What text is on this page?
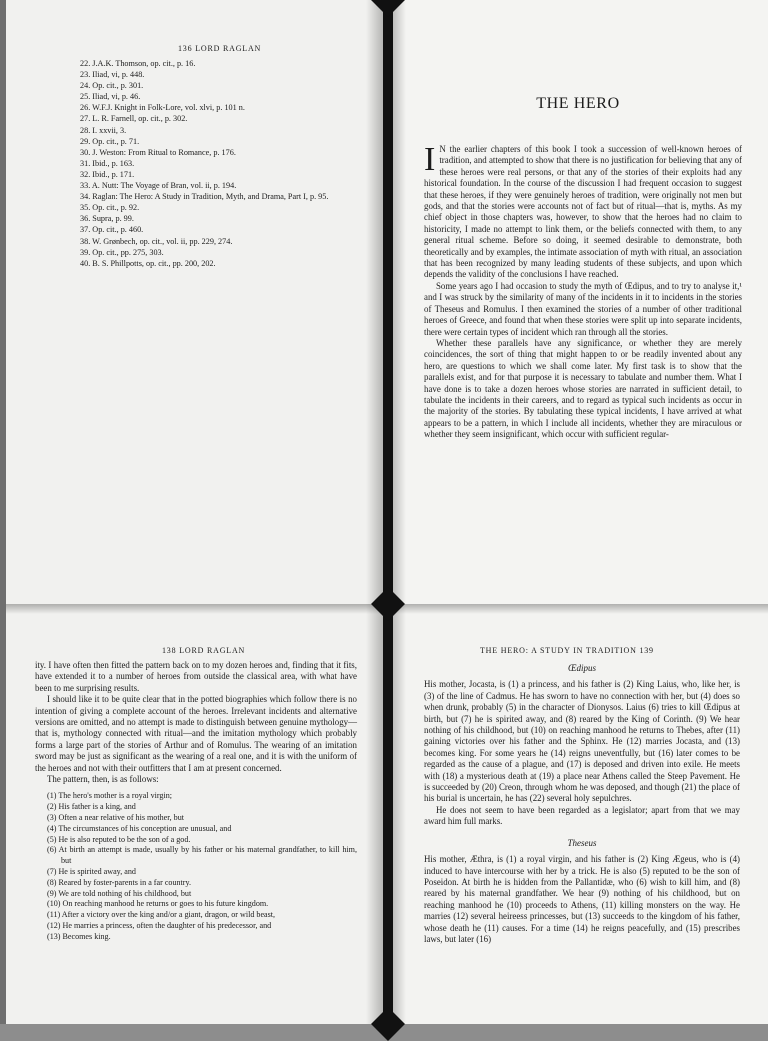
136 LORD RAGLAN
22. J.A.K. Thomson, op. cit., p. 16.
23. Iliad, vi, p. 448.
24. Op. cit., p. 301.
25. Iliad, vi, p. 46.
26. W.F.J. Knight in Folk-Lore, vol. xlvi, p. 101 n.
27. L. R. Farnell, op. cit., p. 302.
28. I. xxvii, 3.
29. Op. cit., p. 71.
30. J. Weston: From Ritual to Romance, p. 176.
31. Ibid., p. 163.
32. Ibid., p. 171.
33. A. Nutt: The Voyage of Bran, vol. ii, p. 194.
34. Raglan: The Hero: A Study in Tradition, Myth, and Drama, Part I, p. 95.
35. Op. cit., p. 92.
36. Supra, p. 99.
37. Op. cit., p. 460.
38. W. Grønbech, op. cit., vol. ii, pp. 229, 274.
39. Op. cit., pp. 275, 303.
40. B. S. Phillpotts, op. cit., pp. 200, 202.
THE HERO

I N the earlier chapters of this book I took a succession of well-known heroes of tradition, and attempted to show that there is no justification for believing that any of these heroes were real persons, or that any of the stories of their exploits had any historical foundation. In the course of the discussion I had frequent occasion to suggest that these heroes, if they were genuinely heroes of tradition, were originally not men but gods, and that the stories were accounts not of fact but of ritual—that is, myths. As my chief object in those chapters was, however, to show that the heroes had no claim to historicity, I made no attempt to link them, or the beliefs connected with them, to any general ritual scheme. Before so doing, it seemed desirable to demonstrate, both theoretically and by examples, the intimate association of myth with ritual, an association that has been recognized by many leading students of these subjects, and upon which depends the validity of the conclusions I have reached.

Some years ago I had occasion to study the myth of Œdipus, and to try to analyse it,¹ and I was struck by the similarity of many of the incidents in it to incidents in the stories of Theseus and Romulus. I then examined the stories of a number of other traditional heroes of Greece, and found that when these stories were split up into separate incidents, there were certain types of incident which ran through all the stories.

Whether these parallels have any significance, or whether they are merely coincidences, the sort of thing that might happen to or be readily invented about any hero, are questions to which we shall come later. My first task is to show that the parallels exist, and for that purpose it is necessary to tabulate and number them. What I have done is to take a dozen heroes whose stories are narrated in sufficient detail, to tabulate the incidents in their careers, and to regard as typical such incidents as occur in the majority of the stories. By tabulating these typical incidents, I have arrived at what appears to be a pattern, in which I include all incidents, whether they are miraculous or whether they seem insignificant, which occur with sufficient regular-

138 LORD RAGLAN

ity. I have often then fitted the pattern back on to my dozen heroes and, finding that it fits, have extended it to a number of heroes from outside the classical area, with what have been to me surprising results.

I should like it to be quite clear that in the potted biographies which follow there is no intention of giving a complete account of the heroes. Irrelevant incidents and alternative versions are omitted, and no attempt is made to distinguish between genuine mythology—that is, mythology connected with ritual—and the imitation mythology which probably forms a large part of the stories of Arthur and of Romulus. The wearing of an imitation sword may be just as significant as the wearing of a real one, and it is with the uniform of the heroes and not with their outfitters that I am at present concerned.

The pattern, then, is as follows:

(1) The hero's mother is a royal virgin;
(2) His father is a king, and
(3) Often a near relative of his mother, but
(4) The circumstances of his conception are unusual, and
(5) He is also reputed to be the son of a god.
(6) At birth an attempt is made, usually by his father or his maternal grandfather, to kill him, but
(7) He is spirited away, and
(8) Reared by foster-parents in a far country.
(9) We are told nothing of his childhood, but
(10) On reaching manhood he returns or goes to his future kingdom.
(11) After a victory over the king and/or a giant, dragon, or wild beast,
(12) He marries a princess, often the daughter of his predecessor, and
(13) Becomes king.
THE HERO: A STUDY IN TRADITION 139
Œdipus

His mother, Jocasta, is (1) a princess, and his father is (2) King Laius, who, like her, is (3) of the line of Cadmus. He has sworn to have no connection with her, but (4) does so when drunk, probably (5) in the character of Dionysos. Laius (6) tries to kill Œdipus at birth, but (7) he is spirited away, and (8) reared by the King of Corinth. (9) We hear nothing of his childhood, but (10) on reaching manhood he returns to Thebes, after (11) gaining victories over his father and the Sphinx. He (12) marries Jocasta, and (13) becomes king. For some years he (14) reigns uneventfully, but (16) later comes to be regarded as the cause of a plague, and (17) is deposed and driven into exile. He meets with (18) a mysterious death at (19) a place near Athens called the Steep Pavement. He is succeeded by (20) Creon, through whom he was deposed, and though (21) the place of his burial is uncertain, he has (22) several holy sepulchres.

He does not seem to have been regarded as a legislator; apart from that we may award him full marks.

Theseus

His mother, Æthra, is (1) a royal virgin, and his father is (2) King Ægeus, who is (4) induced to have intercourse with her by a trick. He is also (5) reputed to be the son of Poseidon. At birth he is hidden from the Pallantidæ, who (6) wish to kill him, and (8) reared by his maternal grandfather. We hear (9) nothing of his childhood, but on reaching manhood he (10) proceeds to Athens, (11) killing monsters on the way. He marries (12) several heireess princesses, but (13) succeeds to the kingdom of his father, whose death he (11) causes. For a time (14) he reigns peacefully, and (15) prescribes laws, but later (16)
